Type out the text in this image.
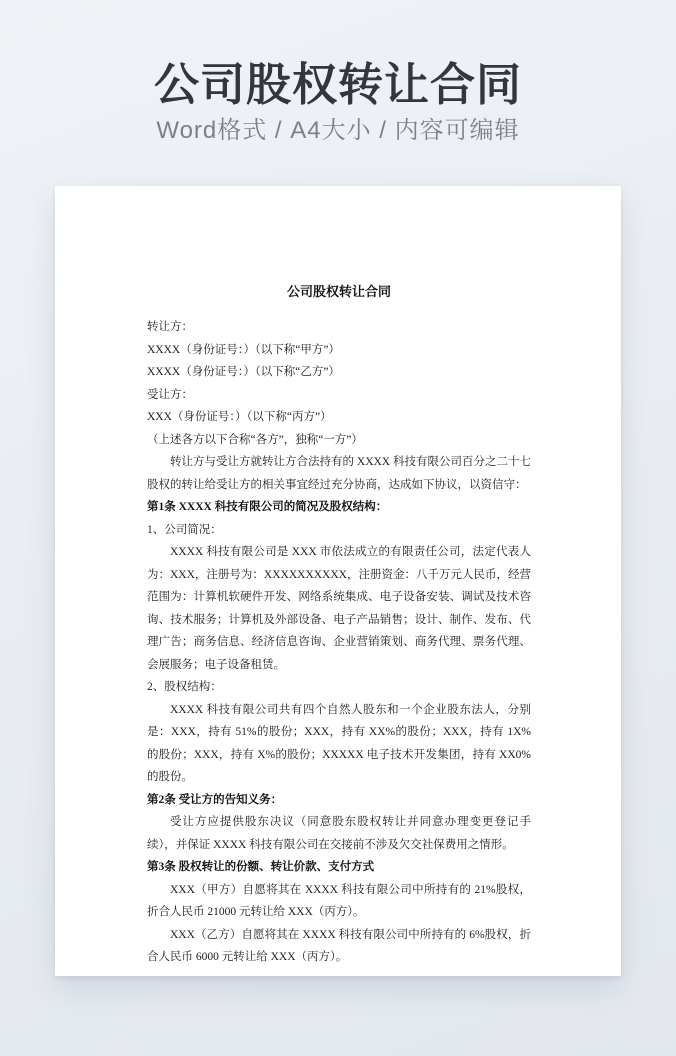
公司股权转让合同
Word格式 / A4大小 / 内容可编辑
公司股权转让合同
转让方：
XXXX（身份证号：）（以下称“甲方”）
XXXX（身份证号：）（以下称“乙方”）
受让方：
XXX（身份证号：）（以下称“丙方”）
（上述各方以下合称“各方”，独称“一方”）
转让方与受让方就转让方合法持有的 XXXX 科技有限公司百分之二十七股权的转让给受让方的相关事宜经过充分协商，达成如下协议，以资信守：
第1条 XXXX 科技有限公司的简况及股权结构：
1、公司简况：
XXXX 科技有限公司是 XXX 市依法成立的有限责任公司，法定代表人为：XXX，注册号为：XXXXXXXXXX，注册资金：八千万元人民币，经营范围为：计算机软硬件开发、网络系统集成、电子设备安装、调试及技术咨询、技术服务；计算机及外部设备、电子产品销售；设计、制作、发布、代理广告；商务信息、经济信息咨询、企业营销策划、商务代理、票务代理、会展服务；电子设备租赁。
2、股权结构：
XXXX 科技有限公司共有四个自然人股东和一个企业股东法人，分别是：XXX，持有 51%的股份；XXX，持有 XX%的股份；XXX，持有 1X%的股份；XXX，持有 X%的股份；XXXXX 电子技术开发集团，持有 XX0%的股份。
第2条 受让方的告知义务：
受让方应提供股东决议（同意股东股权转让并同意办理变更登记手续），并保证 XXXX 科技有限公司在交接前不涉及欠交社保费用之情形。
第3条 股权转让的份额、转让价款、支付方式
XXX（甲方）自愿将其在 XXXX 科技有限公司中所持有的 21%股权，折合人民币 21000 元转让给 XXX（丙方）。
XXX（乙方）自愿将其在 XXXX 科技有限公司中所持有的 6%股权，折合人民币 6000 元转让给 XXX（丙方）。
